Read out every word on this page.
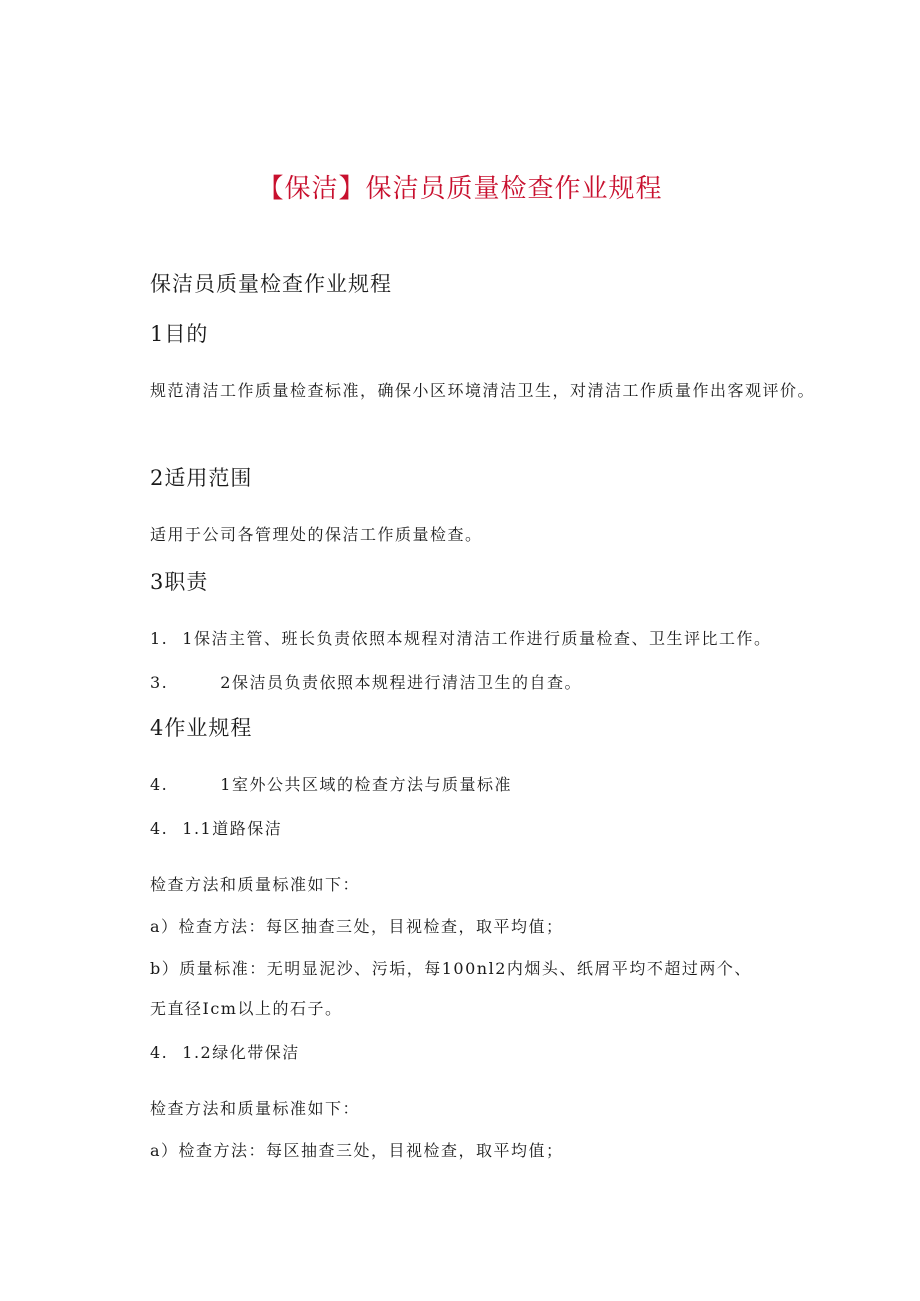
【保洁】保洁员质量检查作业规程
保洁员质量检查作业规程
1目的
规范清洁工作质量检查标准，确保小区环境清洁卫生，对清洁工作质量作出客观评价。
2适用范围
适用于公司各管理处的保洁工作质量检查。
3职责
1. 1保洁主管、班长负责依照本规程对清洁工作进行质量检查、卫生评比工作。
3.	2保洁员负责依照本规程进行清洁卫生的自查。
4作业规程
4.	1室外公共区域的检查方法与质量标准
4. 1.1道路保洁
检查方法和质量标准如下：
a）检查方法：每区抽查三处，目视检查，取平均值；
b）质量标准：无明显泥沙、污垢，每100nl2内烟头、纸屑平均不超过两个、
无直径Icm以上的石子。
4. 1.2绿化带保洁
检查方法和质量标准如下：
a）检查方法：每区抽查三处，目视检查，取平均值；
